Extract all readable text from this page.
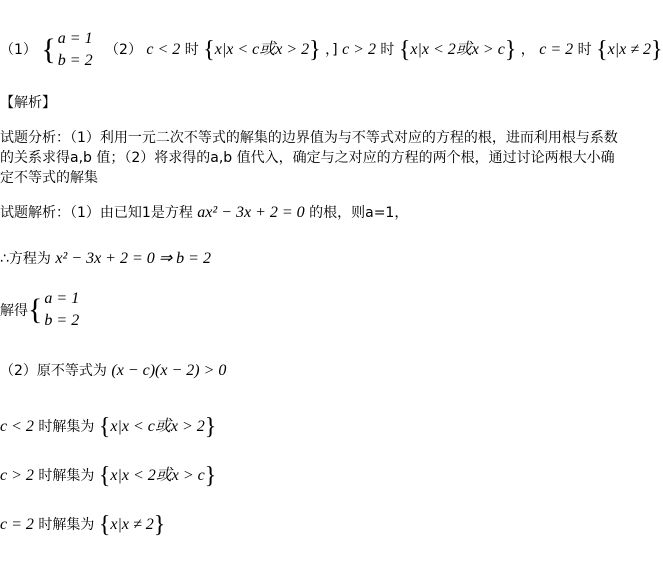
（1） { a = 1
b = 2
（2） c < 2 时 {x|x < c或x > 2} ，] c > 2 时 {x|x < 2或x > c} ， c = 2 时 {x|x ≠ 2}
【解析】
试题分析：（1）利用一元二次不等式的解集的边界值为与不等式对应的方程的根，进而利用根与系数的关系求得a,b 值；（2）将求得的a,b 值代入，确定与之对应的方程的两个根，通过讨论两根大小确定不等式的解集
试题解析：（1）由已知1是方程 ax² − 3x + 2 = 0 的根，则a=1，
∴方程为 x² − 3x + 2 = 0 ⇒ b = 2
解得 { a = 1
b = 2
（2）原不等式为 (x − c)(x − 2) > 0
c < 2 时解集为 {x|x < c或x > 2}
c > 2 时解集为 {x|x < 2或x > c}
c = 2 时解集为 {x|x ≠ 2}
